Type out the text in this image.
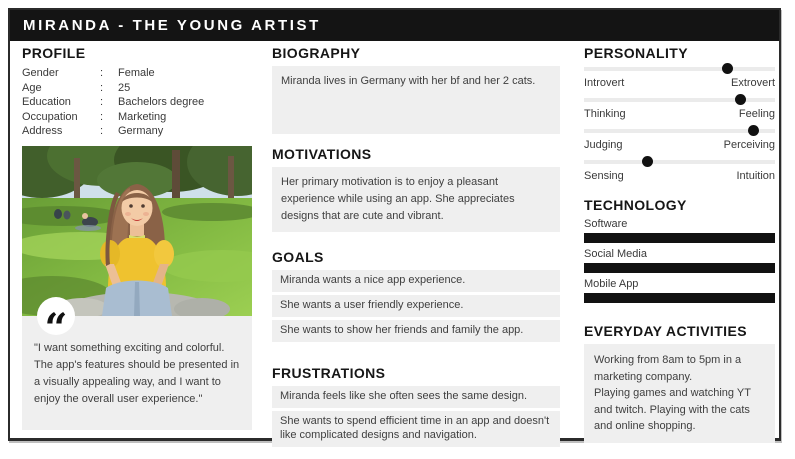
MIRANDA - THE YOUNG ARTIST
PROFILE
Gender	:	Female
Age	:	25
Education	:	Bachelors degree
Occupation	:	Marketing
Address	:	Germany
“
"I want something exciting and colorful. The app's features should be presented in a visually appealing way, and I want to enjoy the overall user experience."
BIOGRAPHY
Miranda lives in Germany with her bf and her 2 cats.
MOTIVATIONS
Her primary motivation is to enjoy a pleasant experience while using an app. She appreciates designs that are cute and vibrant.
GOALS
Miranda wants a nice app experience.
She wants a user friendly experience.
She wants to show her friends and family the app.
FRUSTRATIONS
Miranda feels like she often sees the same design.
She wants to spend efficient time in an app and doesn't like complicated designs and navigation.
PERSONALITY
Introvert	Extrovert
Thinking	Feeling
Judging	Perceiving
Sensing	Intuition
TECHNOLOGY
Software
Social Media
Mobile App
EVERYDAY ACTIVITIES
Working from 8am to 5pm in a marketing company.
Playing games and watching YT and twitch. Playing with the cats and online shopping.
